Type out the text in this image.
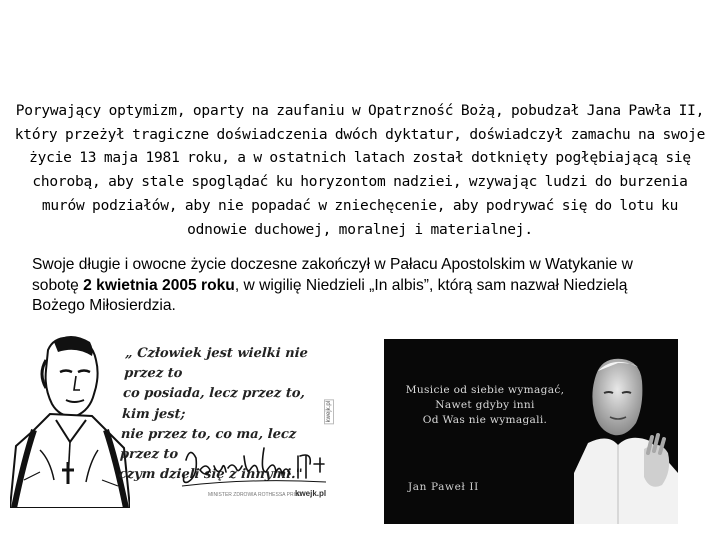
Porywający optymizm, oparty na zaufaniu w Opatrzność Bożą, pobudzał Jana Pawła II, który przeżył tragiczne doświadczenia dwóch dyktatur, doświadczył zamachu na swoje życie 13 maja 1981 roku, a w ostatnich latach został dotknięty pogłębiającą się chorobą, aby stale spoglądać ku horyzontom nadziei, wzywając ludzi do burzenia murów podziałów, aby nie popadać w zniechęcenie, aby podrywać się do lotu ku odnowie duchowej, moralnej i materialnej.

Swoje długie i owocne życie doczesne zakończył w Pałacu Apostolskim w Watykanie w sobotę 2 kwietnia 2005 roku, w wigilię Niedzieli „In albis”, którą sam nazwał Niedzielą Bożego Miłosierdzia.

„ Człowiek jest wielki nie przez to
co posiada, lecz przez to, kim jest;
nie przez to, co ma, lecz przez to
czym dzieli się z innymi."

MINISTER ZDROWIA ROTHESSA PRISO
kwejk.pl
kwejk.pl

Musicie od siebie wymagać,
Nawet gdyby inni
Od Was nie wymagali.

Jan Paweł II
